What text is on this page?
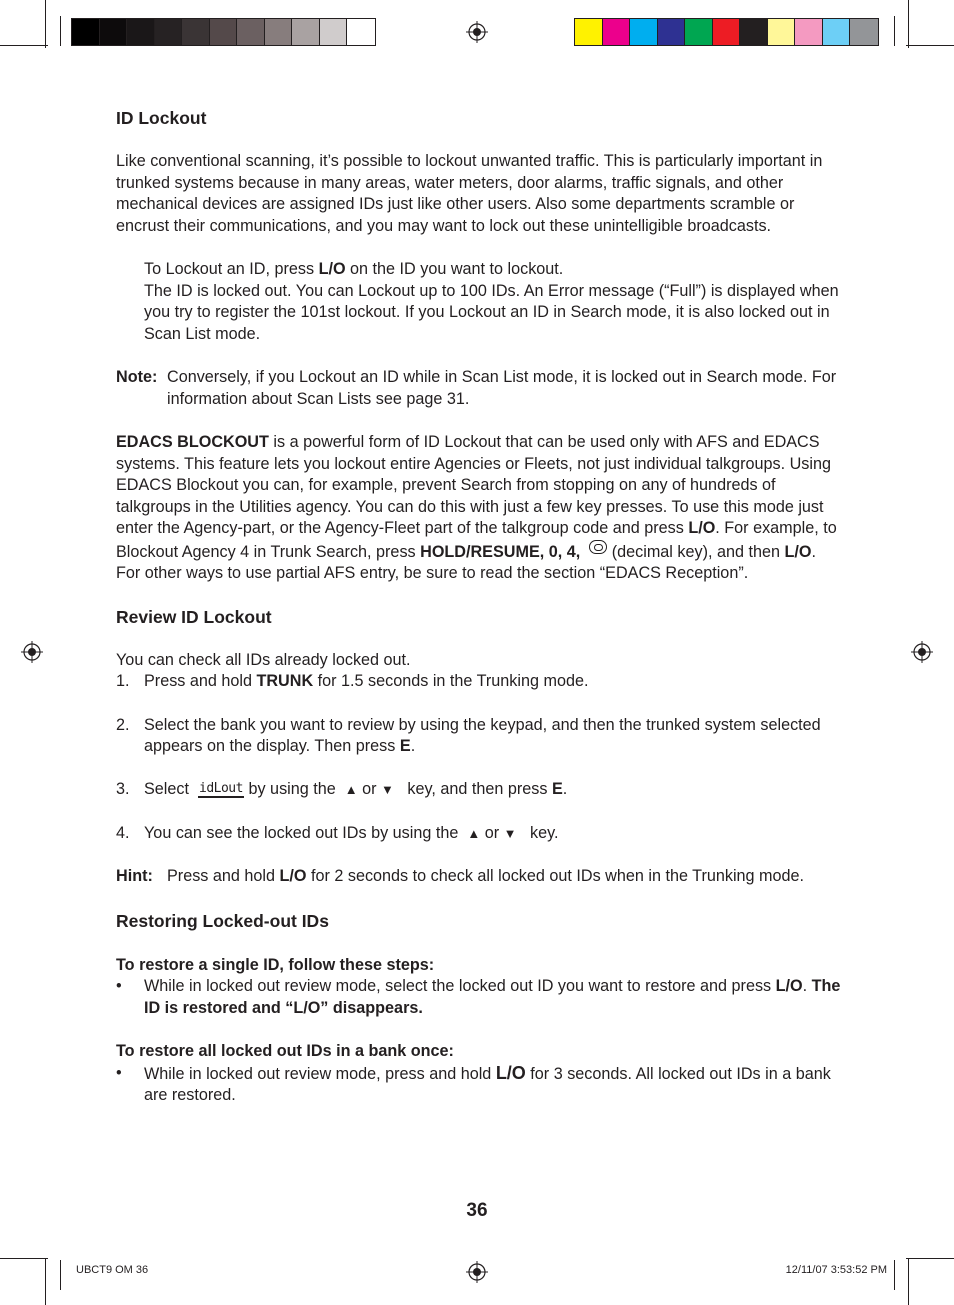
ID Lockout

Like conventional scanning, it’s possible to lockout unwanted traffic. This is particularly important in trunked systems because in many areas, water meters, door alarms, traffic signals, and other mechanical devices are assigned IDs just like other users. Also some departments scramble or encrust their communications, and you may want to lock out these unintelligible broadcasts.

To Lockout an ID, press L/O on the ID you want to lockout.

The ID is locked out. You can Lockout up to 100 IDs. An Error message (“Full”) is displayed when you try to register the 101st lockout. If you Lockout an ID in Search mode, it is also locked out in Scan List mode.

Note: Conversely, if you Lockout an ID while in Scan List mode, it is locked out in Search mode. For information about Scan Lists see page 31.

EDACS BLOCKOUT is a powerful form of ID Lockout that can be used only with AFS and EDACS systems. This feature lets you lockout entire Agencies or Fleets, not just individual talkgroups. Using EDACS Blockout you can, for example, prevent Search from stopping on any of hundreds of talkgroups in the Utilities agency. You can do this with just a few key presses. To use this mode just enter the Agency-part, or the Agency-Fleet part of the talkgroup code and press L/O. For example, to Blockout Agency 4 in Trunk Search, press HOLD/RESUME, 0, 4,   (decimal key), and then L/O. For other ways to use partial AFS entry, be sure to read the section “EDACS Reception”.

Review ID Lockout

You can check all IDs already locked out.

1. Press and hold TRUNK for 1.5 seconds in the Trunking mode.
2. Select the bank you want to review by using the keypad, and then the trunked system selected appears on the display. Then press E.
3. Select  idLout by using the  ▲ or ▼   key, and then press E.
4. You can see the locked out IDs by using the  ▲ or ▼   key.
Hint: Press and hold L/O for 2 seconds to check all locked out IDs when in the Trunking mode.
Restoring Locked-out IDs

To restore a single ID, follow these steps:

•	While in locked out review mode, select the locked out ID you want to restore and press L/O. The ID is restored and “L/O” disappears.

To restore all locked out IDs in a bank once:

•	While in locked out review mode, press and hold L/O for 3 seconds. All locked out IDs in a bank are restored.
36
UBCT9 OM 36	12/11/07 3:53:52 PM
